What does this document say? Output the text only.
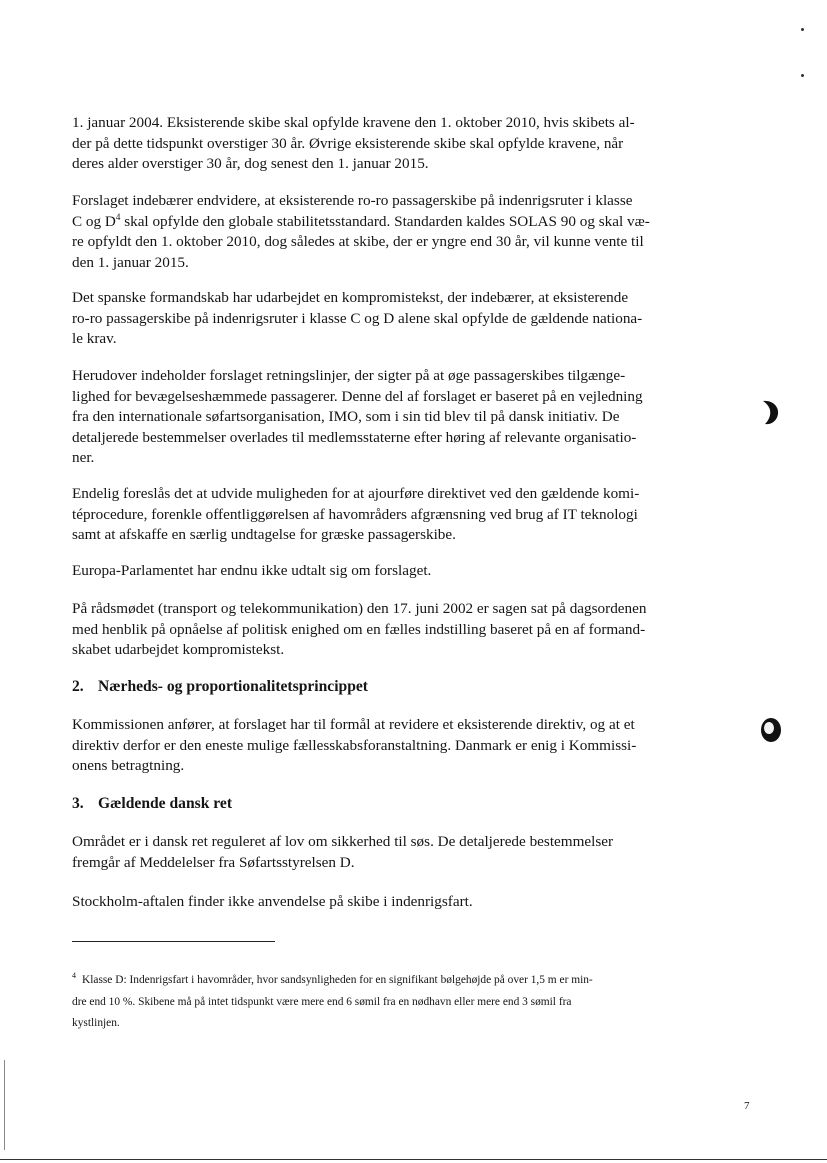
1. januar 2004. Eksisterende skibe skal opfylde kravene den 1. oktober 2010, hvis skibets al-
der på dette tidspunkt overstiger 30 år. Øvrige eksisterende skibe skal opfylde kravene, når
deres alder overstiger 30 år, dog senest den 1. januar 2015.
Forslaget indebærer endvidere, at eksisterende ro-ro passagerskibe på indenrigsruter i klasse
C og D$^4$ skal opfylde den globale stabilitetsstandard. Standarden kaldes SOLAS 90 og skal væ-
re opfyldt den 1. oktober 2010, dog således at skibe, der er yngre end 30 år, vil kunne vente til
den 1. januar 2015.
Det spanske formandskab har udarbejdet en kompromistekst, der indebærer, at eksisterende
ro-ro passagerskibe på indenrigsruter i klasse C og D alene skal opfylde de gældende nationa-
le krav.
Herudover indeholder forslaget retningslinjer, der sigter på at øge passagerskibes tilgænge-
lighed for bevægelseshæmmede passagerer. Denne del af forslaget er baseret på en vejledning
fra den internationale søfartsorganisation, IMO, som i sin tid blev til på dansk initiativ. De
detaljerede bestemmelser overlades til medlemsstaterne efter høring af relevante organisatio-
ner.
Endelig foreslås det at udvide muligheden for at ajourføre direktivet ved den gældende komi-
téprocedure, forenkle offentliggørelsen af havområders afgrænsning ved brug af IT teknologi
samt at afskaffe en særlig undtagelse for græske passagerskibe.
Europa-Parlamentet har endnu ikke udtalt sig om forslaget.
På rådsmødet (transport og telekommunikation) den 17. juni 2002 er sagen sat på dagsordenen
med henblik på opnåelse af politisk enighed om en fælles indstilling baseret på en af formand-
skabet udarbejdet kompromistekst.
2. Nærheds- og proportionalitetsprincippet
Kommissionen anfører, at forslaget har til formål at revidere et eksisterende direktiv, og at et
direktiv derfor er den eneste mulige fællesskabsforanstaltning. Danmark er enig i Kommissi-
onens betragtning.
3. Gældende dansk ret
Området er i dansk ret reguleret af lov om sikkerhed til søs. De detaljerede bestemmelser
fremgår af Meddelelser fra Søfartsstyrelsen D.
Stockholm-aftalen finder ikke anvendelse på skibe i indenrigsfart.
$^4$ Klasse D: Indenrigsfart i havområder, hvor sandsynligheden for en signifikant bølgehøjde på over 1,5 m er min-
dre end 10 %. Skibene må på intet tidspunkt være mere end 6 sømil fra en nødhavn eller mere end 3 sømil fra
kystlinjen.
7
